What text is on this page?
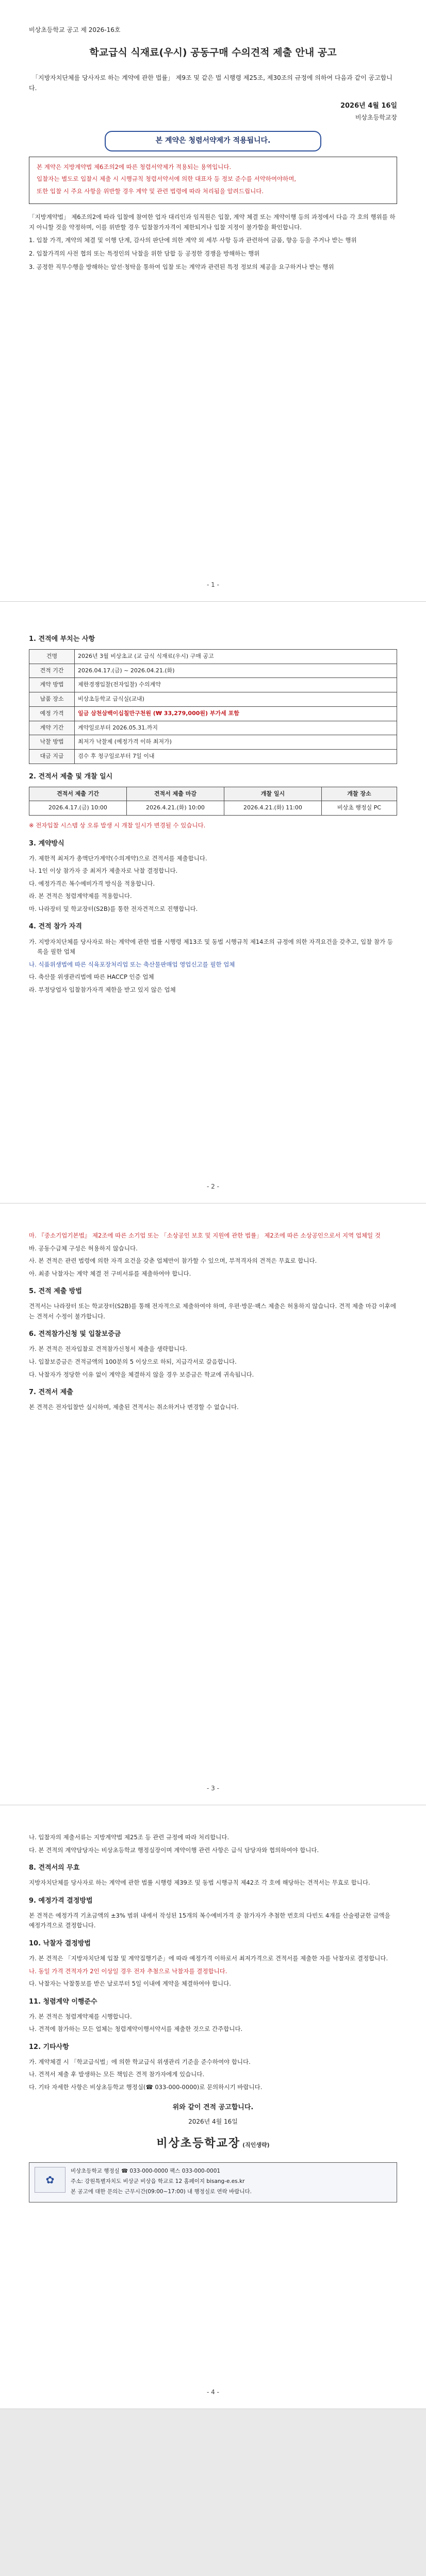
비상초등학교 공고 제 2026-16호
학교급식 식재료(우시) 공동구매 수의견적 제출 안내 공고
「지방자치단체를 당사자로 하는 계약에 관한 법률」 제9조 및 같은 법 시행령 제25조, 제30조의 규정에 의하여 다음과 같이 공고합니다.
2026년 4월 16일
비상초등학교장
본 계약은 청렴서약제가 적용됩니다.

본 계약은 지방계약법 제6조의2에 따른 청렴서약제가 적용되는 용역입니다.

입찰자는 별도로 입찰시 제출 시 시행규칙 청렴서약서에 의한 대표자 등 정보 준수를 서약하여야하며,

또한 입찰 시 주요 사항을 위반할 경우 계약 및 관련 법령에 따라 처리됨을 알려드립니다.

「지방계약법」 제6조의2에 따라 입찰에 참여한 업자 대리인과 임직원은 입찰, 계약 체결 또는 계약이행 등의 과정에서 다음 각 호의 행위를 하지 아니할 것을 약정하며, 이를 위반할 경우 입찰참가자격이 제한되거나 입찰 지정이 불가함을 확인합니다.
1. 입찰 가격, 계약의 체결 및 이행 단계, 감사의 판단에 의한 계약 외 세부 사항 등과 관련하여 금품, 향응 등을 주거나 받는 행위
2. 입찰가격의 사전 협의 또는 특정인의 낙찰을 위한 담합 등 공정한 경쟁을 방해하는 행위
3. 공정한 직무수행을 방해하는 알선·청탁을 통하여 입찰 또는 계약과 관련된 특정 정보의 제공을 요구하거나 받는 행위
- 1 -
1. 견적에 부치는 사항
건명	2026년 3월 비상초교 (교 급식 식재료(우시) 구매 공고
견적 기간	2026.04.17.(금) ~ 2026.04.21.(화)
계약 방법	제한경쟁입찰(전자입찰) 수의계약
납품 장소	비상초등학교 급식실(교내)
예정 가격	일금 삼천삼백이십칠만구천원 (₩ 33,279,000원) 부가세 포함
계약 기간	계약일로부터 2026.05.31.까지
낙찰 방법	최저가 낙찰제 (예정가격 이하 최저가)
대금 지급	검수 후 청구일로부터 7일 이내
2. 견적서 제출 및 개찰 일시
견적서 제출 기간	견적서 제출 마감	개찰 일시	개찰 장소
2026.4.17.(금) 10:00	2026.4.21.(화) 10:00	2026.4.21.(화) 11:00	비상초 행정실 PC
※ 전자입찰 시스템 상 오류 발생 시 개찰 일시가 변경될 수 있습니다.
3. 계약방식
가. 제한적 최저가 총액단가계약(수의계약)으로 견적서를 제출합니다.
나. 1인 이상 참가자 중 최저가 제출자로 낙찰 결정합니다.
다. 예정가격은 복수예비가격 방식을 적용합니다.
라. 본 견적은 청렴계약제를 적용합니다.
마. 나라장터 및 학교장터(S2B)를 통한 전자견적으로 진행합니다.
4. 견적 참가 자격
가. 지방자치단체를 당사자로 하는 계약에 관한 법률 시행령 제13조 및 동법 시행규칙 제14조의 규정에 의한 자격요건을 갖추고, 입찰 참가 등록을 필한 업체
나. 식품위생법에 따른 식육포장처리업 또는 축산물판매업 영업신고를 필한 업체
다. 축산물 위생관리법에 따른 HACCP 인증 업체
라. 부정당업자 입찰참가자격 제한을 받고 있지 않은 업체
- 2 -
마. 『중소기업기본법』 제2조에 따른 소기업 또는 「소상공인 보호 및 지원에 관한 법률」 제2조에 따른 소상공인으로서 지역 업체일 것
바. 공동수급체 구성은 허용하지 않습니다.
사. 본 견적은 관련 법령에 의한 자격 요건을 갖춘 업체만이 참가할 수 있으며, 부적격자의 견적은 무효로 합니다.
아. 최종 낙찰자는 계약 체결 전 구비서류를 제출하여야 합니다.
5. 견적 제출 방법
견적서는 나라장터 또는 학교장터(S2B)를 통해 전자적으로 제출하여야 하며, 우편·방문·팩스 제출은 허용하지 않습니다. 견적 제출 마감 이후에는 견적서 수정이 불가합니다.
6. 견적참가신청 및 입찰보증금
가. 본 견적은 전자입찰로 견적참가신청서 제출을 생략합니다.
나. 입찰보증금은 견적금액의 100분의 5 이상으로 하되, 지급각서로 갈음합니다.
다. 낙찰자가 정당한 이유 없이 계약을 체결하지 않을 경우 보증금은 학교에 귀속됩니다.
7. 견적서 제출
본 견적은 전자입찰만 실시하며, 제출된 견적서는 취소하거나 변경할 수 없습니다.
- 3 -
나. 입찰자의 제출서류는 지방계약법 제25조 등 관련 규정에 따라 처리합니다.
다. 본 견적의 계약담당자는 비상초등학교 행정실장이며 계약이행 관련 사항은 급식 담당자와 협의하여야 합니다.
8. 견적서의 무효
지방자치단체를 당사자로 하는 계약에 관한 법률 시행령 제39조 및 동법 시행규칙 제42조 각 호에 해당하는 견적서는 무효로 합니다.
9. 예정가격 결정방법
본 견적은 예정가격 기초금액의 ±3% 범위 내에서 작성된 15개의 복수예비가격 중 참가자가 추첨한 번호의 다빈도 4개를 산술평균한 금액을 예정가격으로 결정합니다.
10. 낙찰자 결정방법
가. 본 견적은 「지방자치단체 입찰 및 계약집행기준」에 따라 예정가격 이하로서 최저가격으로 견적서를 제출한 자를 낙찰자로 결정합니다.
나. 동일 가격 견적자가 2인 이상일 경우 전자 추첨으로 낙찰자를 결정합니다.
다. 낙찰자는 낙찰통보를 받은 날로부터 5일 이내에 계약을 체결하여야 합니다.
11. 청렴계약 이행준수
가. 본 견적은 청렴계약제를 시행합니다.
나. 견적에 참가하는 모든 업체는 청렴계약이행서약서를 제출한 것으로 간주합니다.
12. 기타사항
가. 계약체결 시 「학교급식법」에 의한 학교급식 위생관리 기준을 준수하여야 합니다.
나. 견적서 제출 후 발생하는 모든 책임은 견적 참가자에게 있습니다.
다. 기타 자세한 사항은 비상초등학교 행정실(☎ 033-000-0000)로 문의하시기 바랍니다.
위와 같이 견적 공고합니다.
2026년 4월 16일
비상초등학교장 (직인생략)
✿

비상초등학교 행정실 ☎ 033-000-0000 팩스 033-000-0001

주소: 강원특별자치도 비상군 비상읍 학교로 12 홈페이지 bisang-e.es.kr

본 공고에 대한 문의는 근무시간(09:00~17:00) 내 행정실로 연락 바랍니다.

- 4 -
